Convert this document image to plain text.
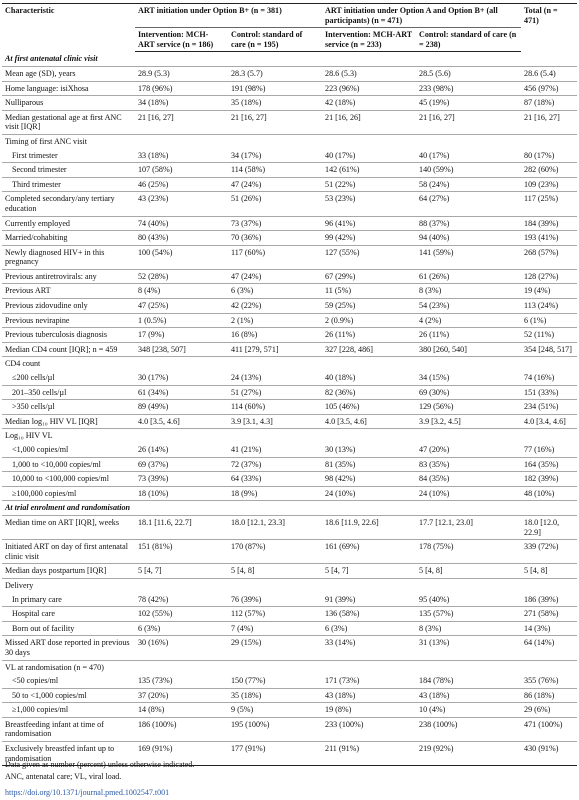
Characteristic	ART initiation under Option B+ (n = 381)		ART initiation under Option A and Option B+ (all participants) (n = 471)		Total (n = 471)
	Intervention: MCH-ART service (n = 186)	Control: standard of care (n = 195)	Intervention: MCH-ART service (n = 233)	Control: standard of care (n = 238)	
At first antenatal clinic visit					
Mean age (SD), years	28.9 (5.3)	28.3 (5.7)	28.6 (5.3)	28.5 (5.6)	28.6 (5.4)
Home language: isiXhosa	178 (96%)	191 (98%)	223 (96%)	233 (98%)	456 (97%)
Nulliparous	34 (18%)	35 (18%)	42 (18%)	45 (19%)	87 (18%)
Median gestational age at first ANC visit [IQR]	21 [16, 27]	21 [16, 27]	21 [16, 26]	21 [16, 27]	21 [16, 27]
Timing of first ANC visit					
First trimester	33 (18%)	34 (17%)	40 (17%)	40 (17%)	80 (17%)
Second trimester	107 (58%)	114 (58%)	142 (61%)	140 (59%)	282 (60%)
Third trimester	46 (25%)	47 (24%)	51 (22%)	58 (24%)	109 (23%)
Completed secondary/any tertiary education	43 (23%)	51 (26%)	53 (23%)	64 (27%)	117 (25%)
Currently employed	74 (40%)	73 (37%)	96 (41%)	88 (37%)	184 (39%)
Married/cohabiting	80 (43%)	70 (36%)	99 (42%)	94 (40%)	193 (41%)
Newly diagnosed HIV+ in this pregnancy	100 (54%)	117 (60%)	127 (55%)	141 (59%)	268 (57%)
Previous antiretrovirals: any	52 (28%)	47 (24%)	67 (29%)	61 (26%)	128 (27%)
Previous ART	8 (4%)	6 (3%)	11 (5%)	8 (3%)	19 (4%)
Previous zidovudine only	47 (25%)	42 (22%)	59 (25%)	54 (23%)	113 (24%)
Previous nevirapine	1 (0.5%)	2 (1%)	2 (0.9%)	4 (2%)	6 (1%)
Previous tuberculosis diagnosis	17 (9%)	16 (8%)	26 (11%)	26 (11%)	52 (11%)
Median CD4 count [IQR]; n = 459	348 [238, 507]	411 [279, 571]	327 [228, 486]	380 [260, 540]	354 [248, 517]
CD4 count					
≤200 cells/µl	30 (17%)	24 (13%)	40 (18%)	34 (15%)	74 (16%)
201–350 cells/µl	61 (34%)	51 (27%)	82 (36%)	69 (30%)	151 (33%)
>350 cells/µl	89 (49%)	114 (60%)	105 (46%)	129 (56%)	234 (51%)
Median log₁₀ HIV VL [IQR]	4.0 [3.5, 4.6]	3.9 [3.1, 4.3]	4.0 [3.5, 4.6]	3.9 [3.2, 4.5]	4.0 [3.4, 4.6]
Log₁₀ HIV VL					
<1,000 copies/ml	26 (14%)	41 (21%)	30 (13%)	47 (20%)	77 (16%)
1,000 to <10,000 copies/ml	69 (37%)	72 (37%)	81 (35%)	83 (35%)	164 (35%)
10,000 to <100,000 copies/ml	73 (39%)	64 (33%)	98 (42%)	84 (35%)	182 (39%)
≥100,000 copies/ml	18 (10%)	18 (9%)	24 (10%)	24 (10%)	48 (10%)
At trial enrolment and randomisation					
Median time on ART [IQR], weeks	18.1 [11.6, 22.7]	18.0 [12.1, 23.3]	18.6 [11.9, 22.6]	17.7 [12.1, 23.0]	18.0 [12.0, 22.9]
Initiated ART on day of first antenatal clinic visit	151 (81%)	170 (87%)	161 (69%)	178 (75%)	339 (72%)
Median days postpartum [IQR]	5 [4, 7]	5 [4, 8]	5 [4, 7]	5 [4, 8]	5 [4, 8]
Delivery					
In primary care	78 (42%)	76 (39%)	91 (39%)	95 (40%)	186 (39%)
Hospital care	102 (55%)	112 (57%)	136 (58%)	135 (57%)	271 (58%)
Born out of facility	6 (3%)	7 (4%)	6 (3%)	8 (3%)	14 (3%)
Missed ART dose reported in previous 30 days	30 (16%)	29 (15%)	33 (14%)	31 (13%)	64 (14%)
VL at randomisation (n = 470)					
<50 copies/ml	135 (73%)	150 (77%)	171 (73%)	184 (78%)	355 (76%)
50 to <1,000 copies/ml	37 (20%)	35 (18%)	43 (18%)	43 (18%)	86 (18%)
≥1,000 copies/ml	14 (8%)	9 (5%)	19 (8%)	10 (4%)	29 (6%)
Breastfeeding infant at time of randomisation	186 (100%)	195 (100%)	233 (100%)	238 (100%)	471 (100%)
Exclusively breastfed infant up to randomisation	169 (91%)	177 (91%)	211 (91%)	219 (92%)	430 (91%)
Data given as number (percent) unless otherwise indicated.
ANC, antenatal care; VL, viral load.
https://doi.org/10.1371/journal.pmed.1002547.t001
